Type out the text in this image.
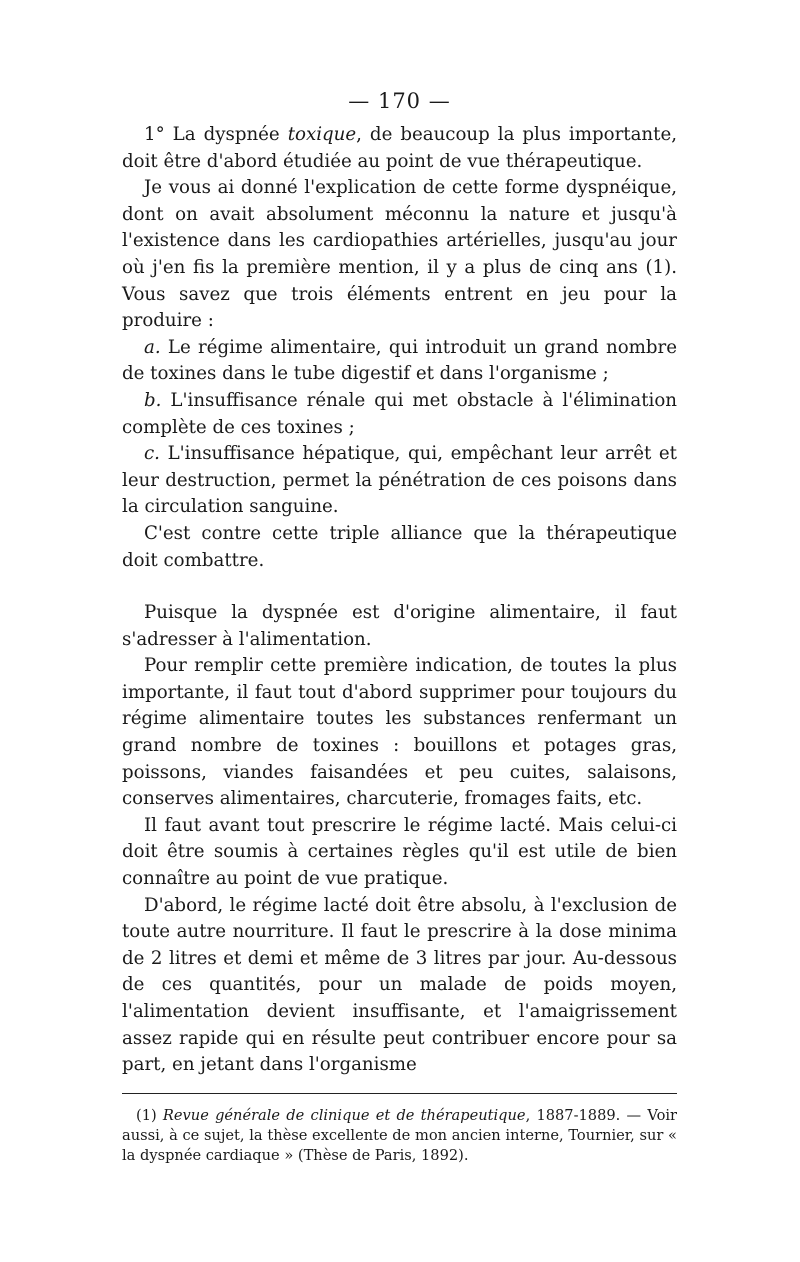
— 170 —

1° La dyspnée toxique, de beaucoup la plus importante, doit être d'abord étudiée au point de vue thérapeutique.

Je vous ai donné l'explication de cette forme dyspnéique, dont on avait absolument méconnu la nature et jusqu'à l'existence dans les cardiopathies artérielles, jusqu'au jour où j'en fis la première mention, il y a plus de cinq ans (1). Vous savez que trois éléments entrent en jeu pour la produire :

a. Le régime alimentaire, qui introduit un grand nombre de toxines dans le tube digestif et dans l'organisme ;

b. L'insuffisance rénale qui met obstacle à l'élimination complète de ces toxines ;

c. L'insuffisance hépatique, qui, empêchant leur arrêt et leur destruction, permet la pénétration de ces poisons dans la circulation sanguine.

C'est contre cette triple alliance que la thérapeutique doit combattre.

Puisque la dyspnée est d'origine alimentaire, il faut s'adresser à l'alimentation.

Pour remplir cette première indication, de toutes la plus importante, il faut tout d'abord supprimer pour toujours du régime alimentaire toutes les substances renfermant un grand nombre de toxines : bouillons et potages gras, poissons, viandes faisandées et peu cuites, salaisons, conserves alimentaires, charcuterie, fromages faits, etc.

Il faut avant tout prescrire le régime lacté. Mais celui-ci doit être soumis à certaines règles qu'il est utile de bien connaître au point de vue pratique.

D'abord, le régime lacté doit être absolu, à l'exclusion de toute autre nourriture. Il faut le prescrire à la dose minima de 2 litres et demi et même de 3 litres par jour. Au-dessous de ces quantités, pour un malade de poids moyen, l'alimentation devient insuffisante, et l'amaigrissement assez rapide qui en résulte peut contribuer encore pour sa part, en jetant dans l'organisme

(1) Revue générale de clinique et de thérapeutique, 1887-1889. — Voir aussi, à ce sujet, la thèse excellente de mon ancien interne, Tournier, sur « la dyspnée cardiaque » (Thèse de Paris, 1892).
